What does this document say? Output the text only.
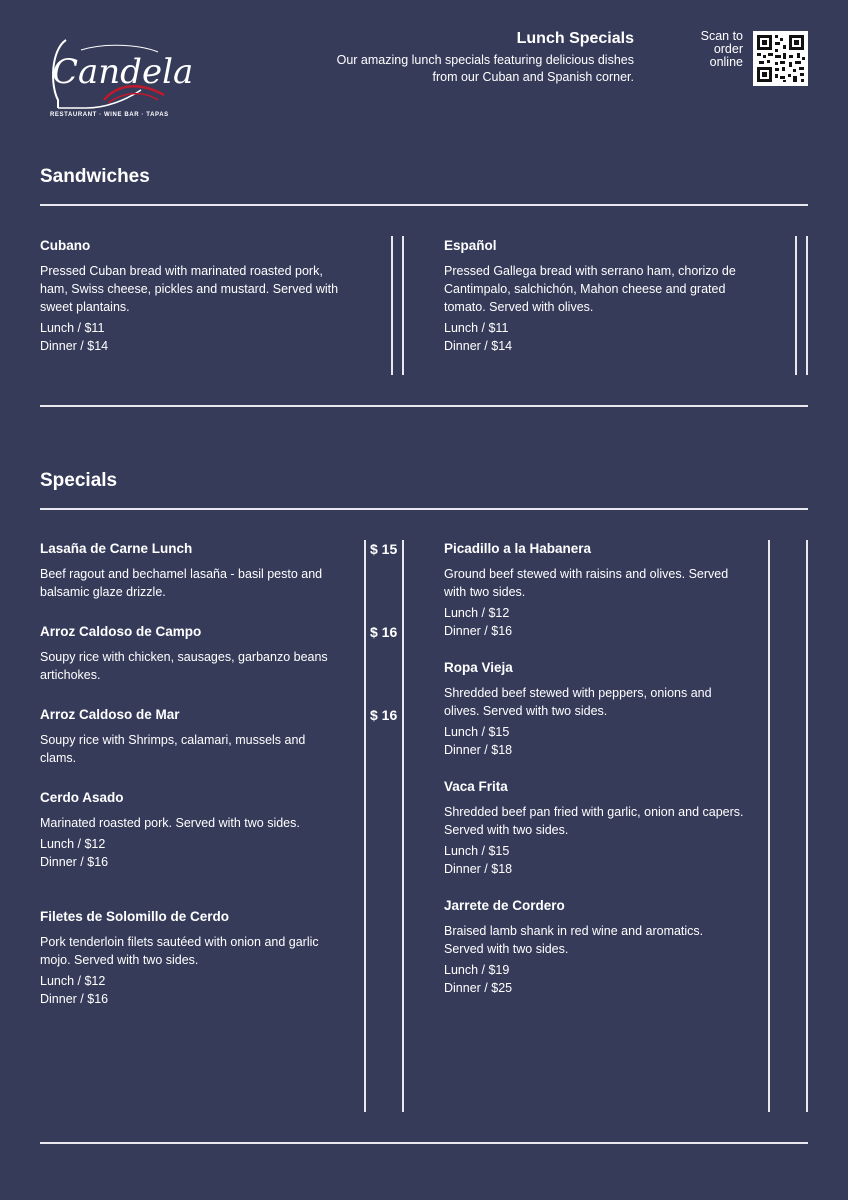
Candela
RESTAURANT · WINE BAR · TAPAS
Lunch Specials
Our amazing lunch specials featuring delicious dishes
from our Cuban and Spanish corner.
Scan to
order
online
Sandwiches
Cubano
Pressed Cuban bread with marinated roasted pork, ham, Swiss cheese, pickles and mustard. Served with sweet plantains.
Lunch / $11
Dinner / $14
Español
Pressed Gallega bread with serrano ham, chorizo de Cantimpalo, salchichón, Mahon cheese and grated tomato. Served with olives.
Lunch / $11
Dinner / $14
Specials
Lasaña de Carne Lunch
Beef ragout and bechamel lasaña - basil pesto and balsamic glaze drizzle.
$ 15
Arroz Caldoso de Campo
Soupy rice with chicken, sausages, garbanzo beans artichokes.
$ 16
Arroz Caldoso de Mar
Soupy rice with Shrimps, calamari, mussels and clams.
$ 16
Cerdo Asado
Marinated roasted pork. Served with two sides.
Lunch / $12
Dinner / $16
Filetes de Solomillo de Cerdo
Pork tenderloin filets sautéed with onion and garlic mojo. Served with two sides.
Lunch / $12
Dinner / $16
Picadillo a la Habanera
Ground beef stewed with raisins and olives. Served with two sides.
Lunch / $12
Dinner / $16
Ropa Vieja
Shredded beef stewed with peppers, onions and olives. Served with two sides.
Lunch / $15
Dinner / $18
Vaca Frita
Shredded beef pan fried with garlic, onion and capers. Served with two sides.
Lunch / $15
Dinner / $18
Jarrete de Cordero
Braised lamb shank in red wine and aromatics. Served with two sides.
Lunch / $19
Dinner / $25
